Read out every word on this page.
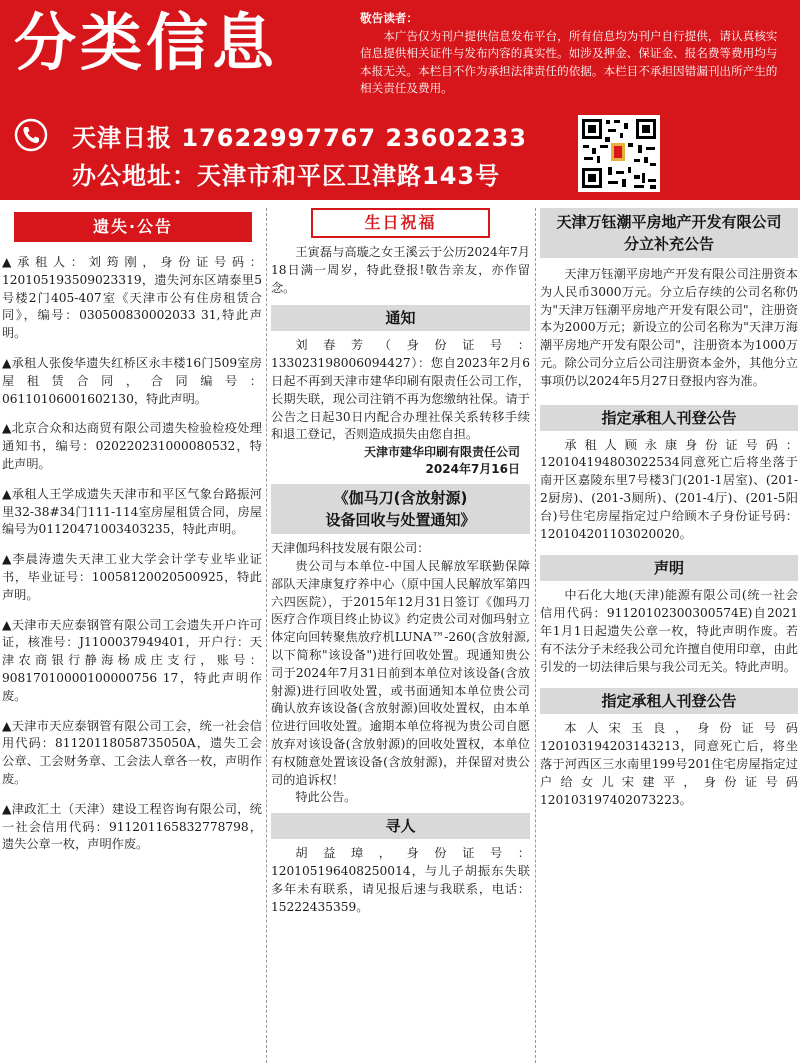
分类信息	敬告读者：

本广告仅为刊户提供信息发布平台，所有信息均为刊户自行提供，请认真核实信息提供相关证件与发布内容的真实性。如涉及押金、保证金、报名费等费用均与本报无关。本栏目不作为承担法律责任的依据。本栏目不承担因错漏刊出所产生的相关责任及费用。
天津日报 17622997767 23602233
办公地址：天津市和平区卫津路143号
遗失·公告
▲承租人：刘筠刚，身份证号码：120105193509023319，遗失河东区靖泰里5号楼2门405-407室《天津市公有住房租赁合同》，编号：030500830002033 31,特此声明。
▲承租人张俊华遗失红桥区永丰楼16门509室房屋租赁合同，合同编号：06110106001602130，特此声明。
▲北京合众和达商贸有限公司遗失检验检疫处理通知书，编号：020220231000080532，特此声明。
▲承租人王学成遗失天津市和平区气象台路振河里32-38#34门111-114室房屋租赁合同，房屋编号为01120471003403235，特此声明。
▲李晨涛遗失天津工业大学会计学专业毕业证书，毕业证号：10058120020500925，特此声明。
▲天津市天应泰钢管有限公司工会遗失开户许可证，核准号：J1100037949401，开户行：天津农商银行静海杨成庄支行，账号：90817010000100000756 17，特此声明作废。
▲天津市天应泰钢管有限公司工会，统一社会信用代码：81120118058735050A，遗失工会公章、工会财务章、工会法人章各一枚，声明作废。
▲津政汇土（天津）建设工程咨询有限公司，统一社会信用代码：911201165832778798，遗失公章一枚，声明作废。
生日祝福
王寅磊与高璇之女王溪云于公历2024年7月18日满一周岁，特此登报!敬告亲友，亦作留念。
通知
刘春芳（身份证号：133023198006094427）：您自2023年2月6日起不再到天津市建华印刷有限责任公司工作，长期失联，现公司注销不再为您缴纳社保。请于公告之日起30日内配合办理社保关系转移手续和退工登记，否则造成损失由您自担。
天津市建华印刷有限责任公司
2024年7月16日
《伽马刀(含放射源)
设备回收与处置通知》
天津伽玛科技发展有限公司：
贵公司与本单位-中国人民解放军联勤保障部队天津康复疗养中心（原中国人民解放军第四六四医院），于2015年12月31日签订《伽玛刀医疗合作项目终止协议》约定贵公司对伽玛射立体定向回转聚焦放疗机LUNA™-260(含放射源,以下简称"该设备")进行回收处置。现通知贵公司于2024年7月31日前到本单位对该设备(含放射源)进行回收处置，或书面通知本单位贵公司确认放弃该设备(含放射源)回收处置权，由本单位进行回收处置。逾期本单位将视为贵公司自愿放弃对该设备(含放射源)的回收处置权，本单位有权随意处置该设备(含放射源)，并保留对贵公司的追诉权！
特此公告。
寻人
胡益璋，身份证号：120105196408250014，与儿子胡振东失联多年未有联系，请见报后速与我联系，电话：15222435359。
天津万钰潮平房地产开发有限公司
分立补充公告
天津万钰潮平房地产开发有限公司注册资本为人民币3000万元。分立后存续的公司名称仍为"天津万钰潮平房地产开发有限公司"，注册资本为2000万元；新设立的公司名称为"天津万海潮平房地产开发有限公司"，注册资本为1000万元。除公司分立后公司注册资本金外，其他分立事项仍以2024年5月27日登报内容为准。
指定承租人刊登公告
承租人顾永康身份证号码：120104194803022534同意死亡后将坐落于南开区嘉陵东里7号楼3门(201-1居室)、(201-2厨房)、(201-3厕所)、(201-4厅)、(201-5阳台)号住宅房屋指定过户给顾木子身份证号码：120104201103020020。
声明
中石化大地(天津)能源有限公司(统一社会信用代码：91120102300300574E)自2021年1月1日起遗失公章一枚，特此声明作废。若有不法分子未经我公司允许擅自使用印章，由此引发的一切法律后果与我公司无关。特此声明。
指定承租人刊登公告
本人宋玉良，身份证号码120103194203143213，同意死亡后，将坐落于河西区三水南里199号201住宅房屋指定过户给女儿宋建平，身份证号码120103197402073223。
